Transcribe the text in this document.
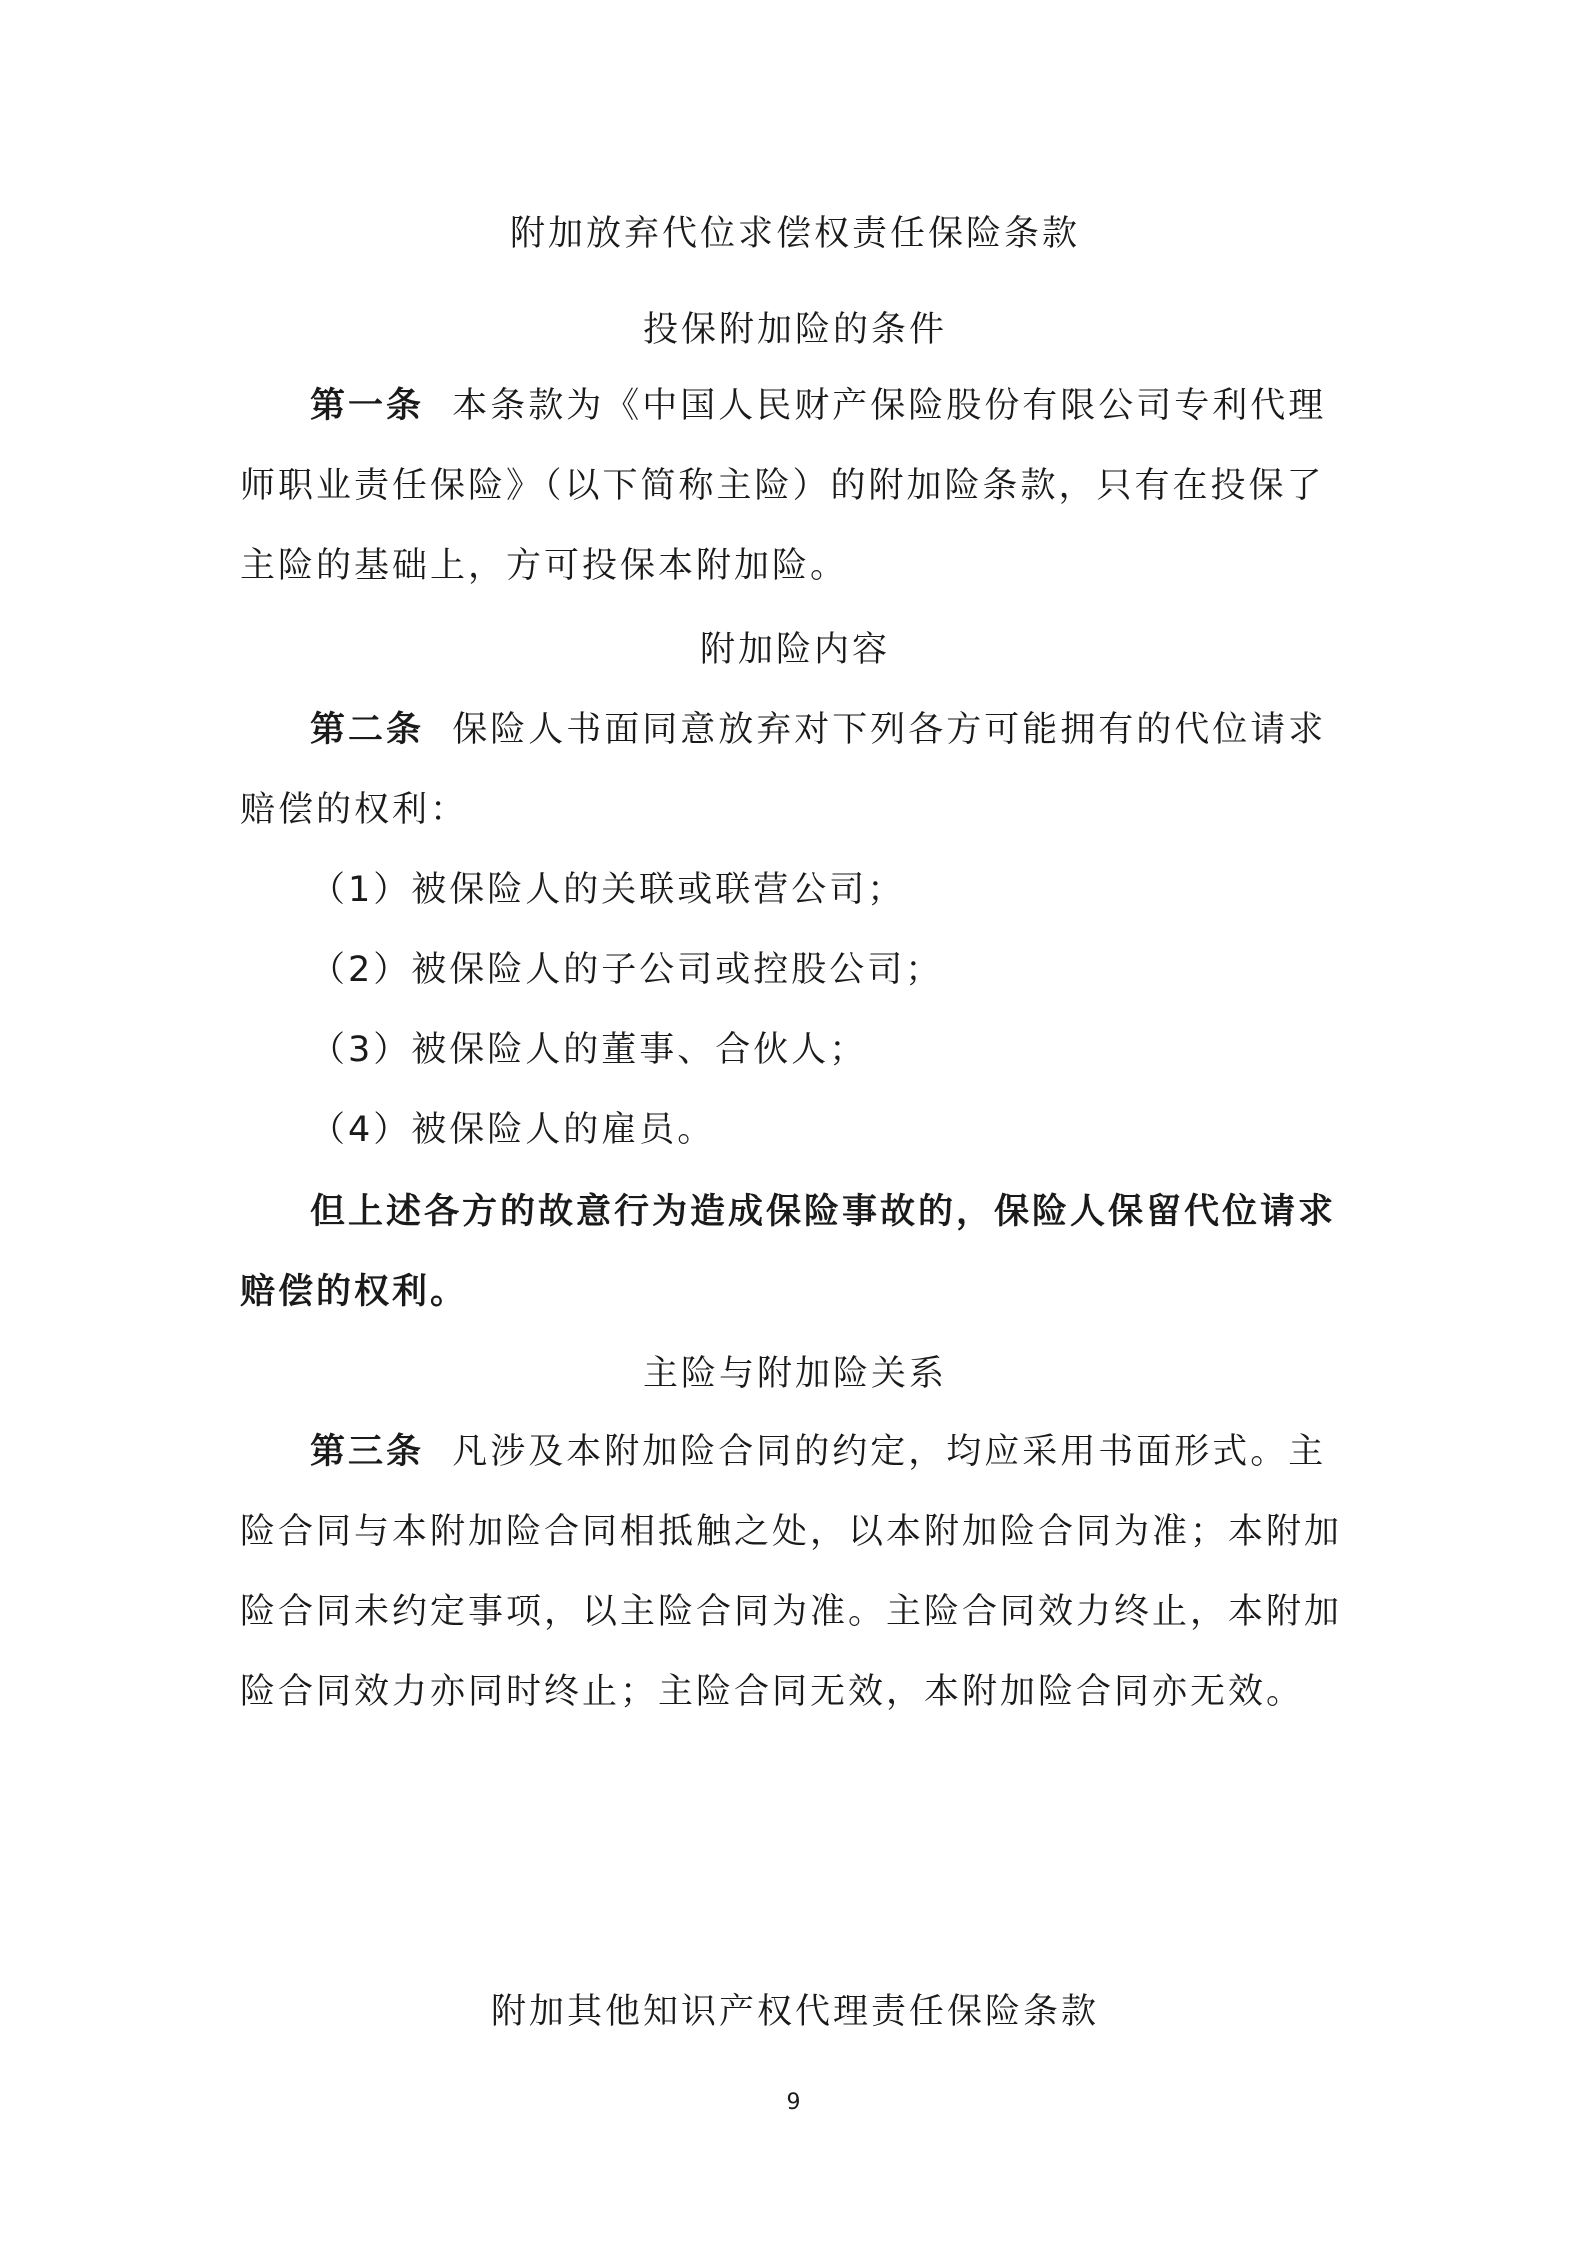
附加放弃代位求偿权责任保险条款
投保附加险的条件

第一条 本条款为《中国人民财产保险股份有限公司专利代理师职业责任保险》（以下简称主险）的附加险条款，只有在投保了主险的基础上，方可投保本附加险。

附加险内容

第二条 保险人书面同意放弃对下列各方可能拥有的代位请求赔偿的权利：

（1）被保险人的关联或联营公司；

（2）被保险人的子公司或控股公司；

（3）被保险人的董事、合伙人；

（4）被保险人的雇员。

但上述各方的故意行为造成保险事故的，保险人保留代位请求赔偿的权利。

主险与附加险关系

第三条 凡涉及本附加险合同的约定，均应采用书面形式。主险合同与本附加险合同相抵触之处，以本附加险合同为准；本附加险合同未约定事项，以主险合同为准。主险合同效力终止，本附加险合同效力亦同时终止；主险合同无效，本附加险合同亦无效。

附加其他知识产权代理责任保险条款
9
